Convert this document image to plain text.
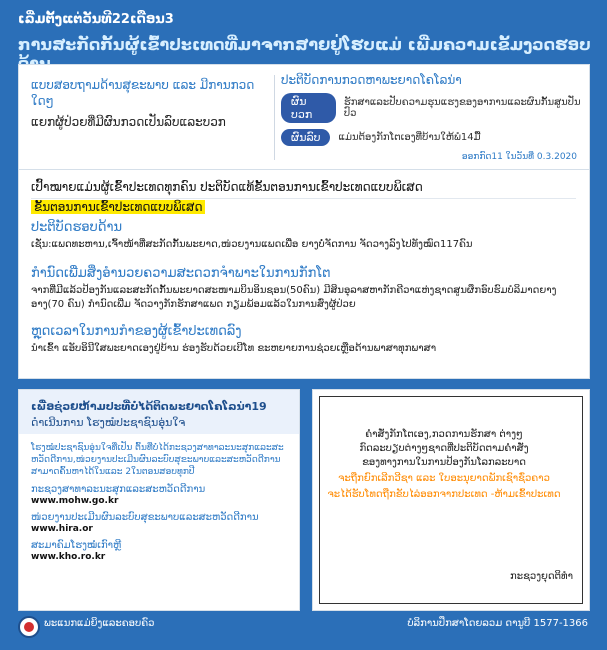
ເລີ່ມຕັ້ງແຕ່ວັນທີ22ເດືອນ3
ການສະກັດກັ້ນຜູ້ເຂົ້າປະເທດທີ່ມາຈາກສາຍຢູ່ໂຮບແມ່ ເພີ່ມຄວາມເຂັ້ມງວດຮອບ
ແບບສອບຖາມດ້ານສຸຂະພາບ ແລະ ມີການກວດໃດໆ
ແຍກຜູ້ປ່ວຍທີ່ມີຜົນກວດເປັນລົບແລະບວກ
ປະຕິບັດການກວດຫາພະຍາດໂຄໂລນ່າ
ຜົນບວກ
ຮັກສາແລະປັບຄວາມຮຸນແຮງຂອງອາການແລະຜົນກັ້ນສູນປັ່ນປົວ
ຜົນລົບ	ແມ່ນຕ້ອງກັກໂຕເອງທີ່ບ້ານໃຫ້ພໍ14ມື້
ອອກກົດ11 ໃນວັນທີ່ 0.3.2020
ເປົ້າໝາຍແມ່ນຜູ້ເຂົ້າປະເທດທຸກຄົນ ປະຕິບັດແທ້ຂັ້ນຕອນການເຂົ້າປະເທດແບບພິເສດ
ຂັ້ນຕອນການເຂົ້າປະເທດແບບພິເສດ
ປະຕິບັດຮອບດ້ານ
ເຊັ່ນ:ແພດທະຫານ,ເຈົ້າໜ້າທີ່ສະກັດກັ້ນພະຍາດ,ໜ່ວຍງານແພດເພື່ອ ຍາງບໍ່ຈັດການ ຈັດວາງລົງໄປທັງໝົດ117ຄົນ
ກຳນົດເພີ່ມສິ່ງອຳນວຍຄວາມສະດວກຈຳພາະໃນການກັກໂຕ
ຈາກທີ່ມີແລ້ວປ້ອງກັນແລະສະກັດກັ້ນພະຍາດສະໜາມບິນອິນຊອນ(50ຄົນ) ມີສິນອຸລາສຫາກັກຄີວາແຫ່ງຊາດສູນຜຶກອົບຮົມບໍລິມາດຍາງອາງ(70 ຄົນ) ກຳນົດເພີ່ມ ຈັດວາງກັກຮັກສາແພດ ກຽມພ້ອມແລ້ວໃນການສົ່ງຜູ້ປ່ວຍ
ຫຼຸດເວລາໃນການກຳຂອງຜູ້ເຂົ້າປະເທດລົງ
ນຳເຂົ້າ ແອັບອິນີໃສພະຍາດເອງຢູ່ບ້ານ ຮ່ອງຮັບດ້ວຍເບີໂທ ຂະຫຍາຍການຊ່ວຍເຫຼືອດ້ານພາສາທຸກພາສາ
ເພື່ອຊ່ວຍຫ້າມປະທີ່ບໍ່ໄດ້ຕິດພະຍາດໂຄໂລນ່າ19
ດຳເນີນການ ໂຮງໝໍປະຊາຊົນອຸ່ນໃຈ
ໂຮງໝໍປະຊາຊົນອຸ່ນໃຈທີ່ເປັນ ຕົ້ນທີ່ບໍ່ໄດ້ກະຊວງສາທາລະນະສຸກແລະສະຫວັດດີການ,ໜ່ວຍງານປະເມີນຜົນລະບົບສຸຂະພາບແລະສະຫວັດດີການ ສາມາດຄົ້ນຫາໄດ້ໃນແລະ 2ໃນຕອນສອບທຸກປີ
ກະຊວງສາທາລະນະສຸກແລະສະຫວັດດີການ
www.mohw.go.kr
ໜ່ວຍງານປະເມີນຜົນລະບົບສຸຂະພາບແລະສະຫວັດດີການ
www.hira.or
ສະມາຄົມໂຮງໝໍເກົາຫຼີ
www.kho.ro.kr
ຄຳສັ່ງກັກໂຕເອງ,ກວດການຮັກສາ ຕ່າງໆ
ກົດລະບຽບຕ່າງໆຊາດທີ່ປະຕິບັດຕາມຄຳສັ່ງ
ຂອງທາງການໃນການປ້ອງກັນໂລກລະບາດ
ຈະຖືກຍົກເລີກວີຊາ ແລະ ໃບອະນຸຍາດພັກເຊົາຊົ່ວຄາວ
ຈະໄດ້ຮັບໂທດຖືກຂັບໄລ່ອອກຈາກປະເທດ -ຫ້າມເຂົ້າປະເທດ
ກະຊວງຍຸດຕິທຳ
ພະແນກແມ່ຍິງແລະຄອບຄົວ	ບໍລິການປຶກສາໂດຍລວມ ດານູບີ 1577-1366
